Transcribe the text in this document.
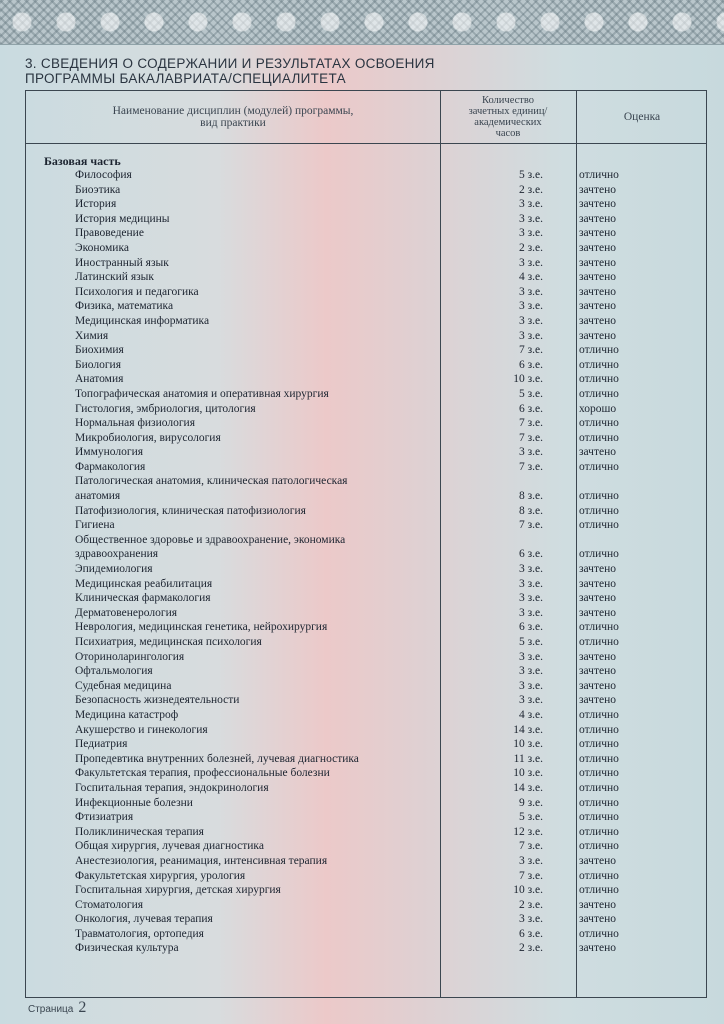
3. СВЕДЕНИЯ О СОДЕРЖАНИИ И РЕЗУЛЬТАТАХ ОСВОЕНИЯ
ПРОГРАММЫ БАКАЛАВРИАТА/СПЕЦИАЛИТЕТА
Наименование дисциплин (модулей) программы,
вид практики
Количество
зачетных единиц/
академических
часов
Оценка
Базовая часть
Философия	5 з.е.	отлично
Биоэтика	2 з.е.	зачтено
История	3 з.е.	зачтено
История медицины	3 з.е.	зачтено
Правоведение	3 з.е.	зачтено
Экономика	2 з.е.	зачтено
Иностранный язык	3 з.е.	зачтено
Латинский язык	4 з.е.	зачтено
Психология и педагогика	3 з.е.	зачтено
Физика, математика	3 з.е.	зачтено
Медицинская информатика	3 з.е.	зачтено
Химия	3 з.е.	зачтено
Биохимия	7 з.е.	отлично
Биология	6 з.е.	отлично
Анатомия	10 з.е.	отлично
Топографическая анатомия и оперативная хирургия	5 з.е.	отлично
Гистология, эмбриология, цитология	6 з.е.	хорошо
Нормальная физиология	7 з.е.	отлично
Микробиология, вирусология	7 з.е.	отлично
Иммунология	3 з.е.	зачтено
Фармакология	7 з.е.	отлично
Патологическая анатомия, клиническая патологическая
анатомия	8 з.е.	отлично
Патофизиология, клиническая патофизиология	8 з.е.	отлично
Гигиена	7 з.е.	отлично
Общественное здоровье и здравоохранение, экономика
здравоохранения	6 з.е.	отлично
Эпидемиология	3 з.е.	зачтено
Медицинская реабилитация	3 з.е.	зачтено
Клиническая фармакология	3 з.е.	зачтено
Дерматовенерология	3 з.е.	зачтено
Неврология, медицинская генетика, нейрохирургия	6 з.е.	отлично
Психиатрия, медицинская психология	5 з.е.	отлично
Оториноларингология	3 з.е.	зачтено
Офтальмология	3 з.е.	зачтено
Судебная медицина	3 з.е.	зачтено
Безопасность жизнедеятельности	3 з.е.	зачтено
Медицина катастроф	4 з.е.	отлично
Акушерство и гинекология	14 з.е.	отлично
Педиатрия	10 з.е.	отлично
Пропедевтика внутренних болезней, лучевая диагностика	11 з.е.	отлично
Факультетская терапия, профессиональные болезни	10 з.е.	отлично
Госпитальная терапия, эндокринология	14 з.е.	отлично
Инфекционные болезни	9 з.е.	отлично
Фтизиатрия	5 з.е.	отлично
Поликлиническая терапия	12 з.е.	отлично
Общая хирургия, лучевая диагностика	7 з.е.	отлично
Анестезиология, реанимация, интенсивная терапия	3 з.е.	зачтено
Факультетская хирургия, урология	7 з.е.	отлично
Госпитальная хирургия, детская хирургия	10 з.е.	отлично
Стоматология	2 з.е.	зачтено
Онкология, лучевая терапия	3 з.е.	зачтено
Травматология, ортопедия	6 з.е.	отлично
Физическая культура	2 з.е.	зачтено
Страница 2
